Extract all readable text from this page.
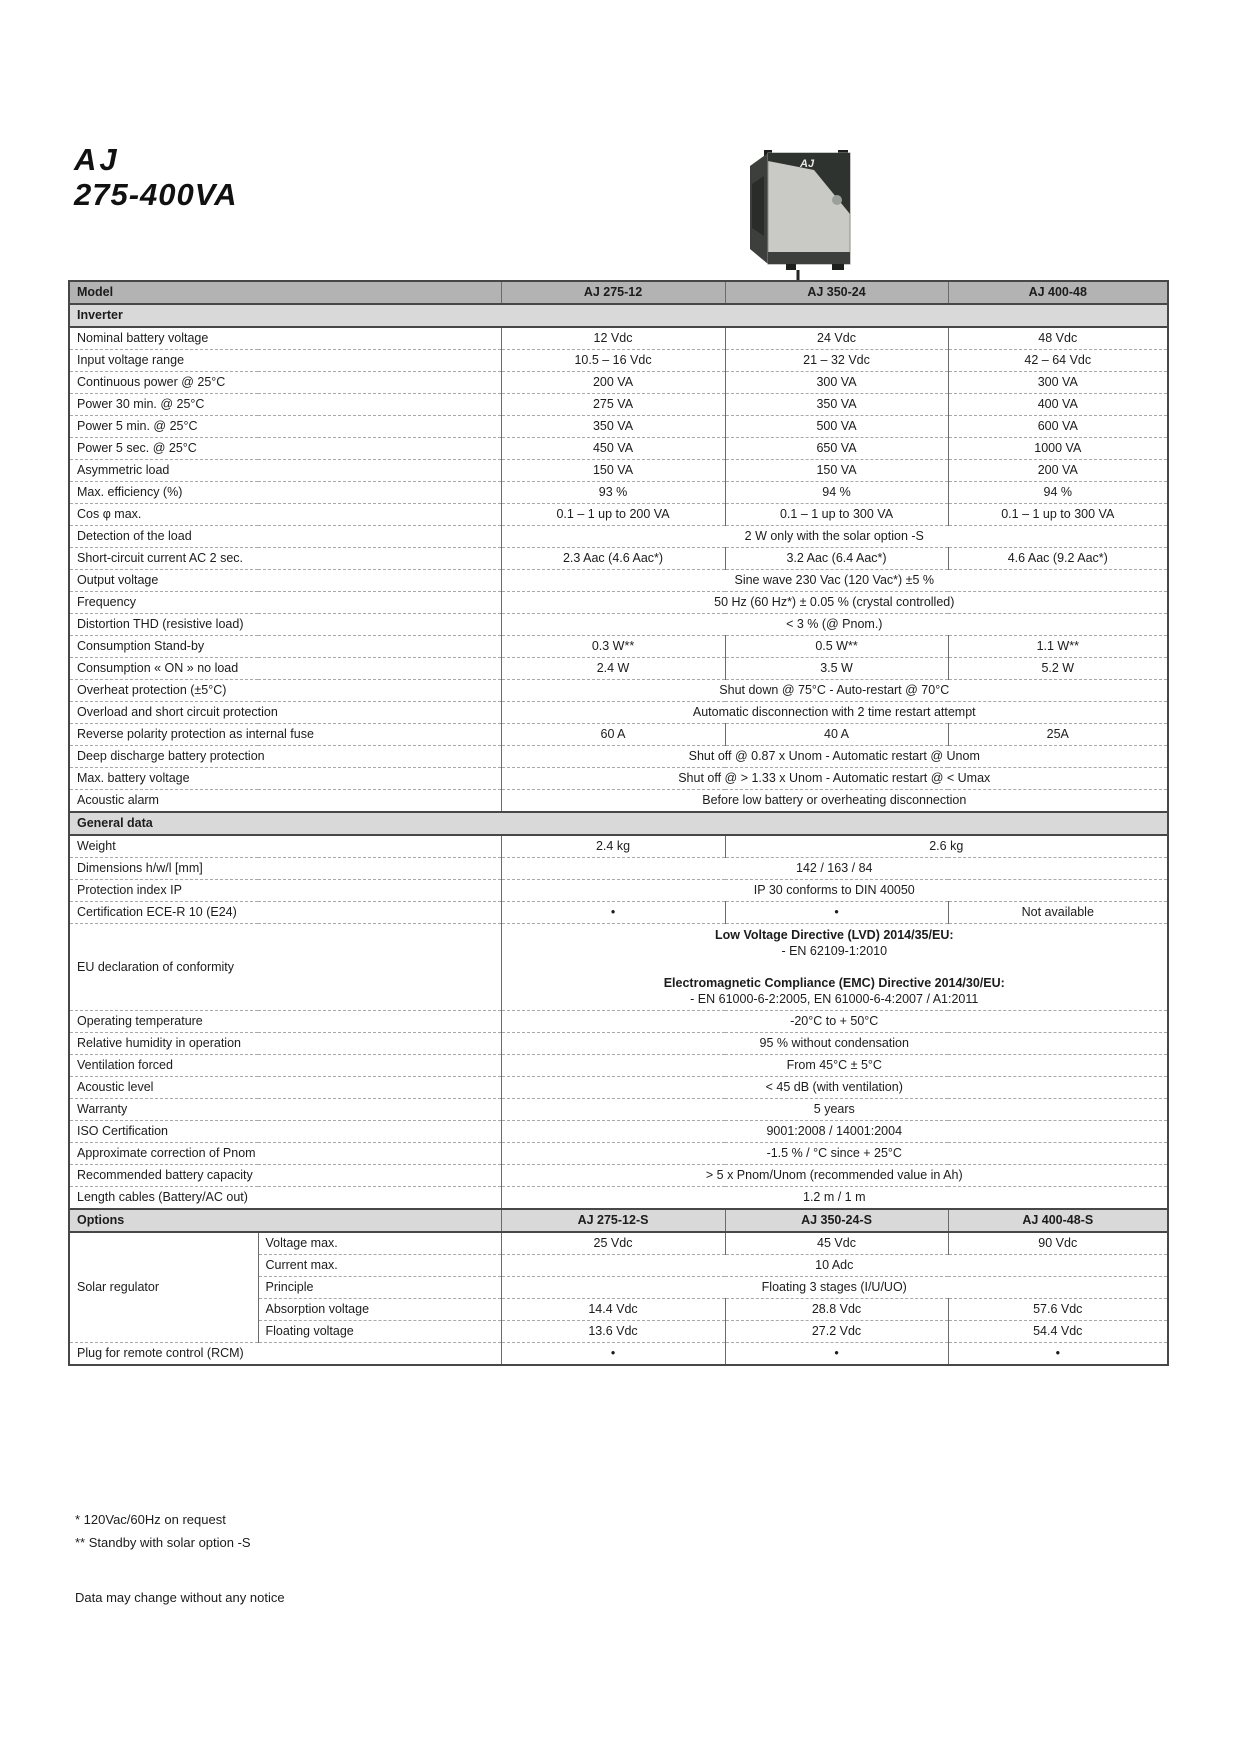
AJ
275-400VA
AJ
Model		AJ 275-12	AJ 350-24	AJ 400-48
Inverter				
Nominal battery voltage		12 Vdc	24 Vdc	48 Vdc
Input voltage range		10.5 – 16 Vdc	21 – 32 Vdc	42 – 64 Vdc
Continuous power @ 25°C		200 VA	300 VA	300 VA
Power 30 min. @ 25°C		275 VA	350 VA	400 VA
Power 5 min. @ 25°C		350 VA	500 VA	600 VA
Power 5 sec. @ 25°C		450 VA	650 VA	1000 VA
Asymmetric load		150 VA	150 VA	200 VA
Max. efficiency (%)		93 %	94 %	94 %
Cos φ max.		0.1 – 1 up to 200 VA	0.1 – 1 up to 300 VA	0.1 – 1 up to 300 VA
Detection of the load		2 W only with the solar option -S		
Short-circuit current AC 2 sec.		2.3 Aac (4.6 Aac*)	3.2 Aac (6.4 Aac*)	4.6 Aac (9.2 Aac*)
Output voltage		Sine wave 230 Vac (120 Vac*) ±5 %		
Frequency		50 Hz (60 Hz*) ± 0.05 % (crystal controlled)		
Distortion THD (resistive load)		< 3 % (@ Pnom.)		
Consumption Stand-by		0.3 W**	0.5 W**	1.1 W**
Consumption « ON » no load		2.4 W	3.5 W	5.2 W
Overheat protection (±5°C)		Shut down @ 75°C - Auto-restart @ 70°C		
Overload and short circuit protection		Automatic disconnection with 2 time restart attempt		
Reverse polarity protection as internal fuse		60 A	40 A	25A
Deep discharge battery protection		Shut off @ 0.87 x Unom - Automatic restart @ Unom		
Max. battery voltage		Shut off @ > 1.33 x Unom - Automatic restart @ < Umax		
Acoustic alarm		Before low battery or overheating disconnection		
General data				
Weight		2.4 kg	2.6 kg	
Dimensions h/w/l [mm]		142 / 163 / 84		
Protection index IP		IP 30 conforms to DIN 40050		
Certification ECE-R 10 (E24)		•	•	Not available
EU declaration of conformity		Low Voltage Directive (LVD) 2014/35/EU:
- EN 62109-1:2010

Electromagnetic Compliance (EMC) Directive 2014/30/EU:
- EN 61000-6-2:2005, EN 61000-6-4:2007 / A1:2011		

Operating temperature		-20°C to + 50°C		
Relative humidity in operation		95 % without condensation		
Ventilation forced		From 45°C ± 5°C		
Acoustic level		< 45 dB (with ventilation)		
Warranty		5 years		
ISO Certification		9001:2008 / 14001:2004		
Approximate correction of Pnom		-1.5 % / °C since + 25°C		
Recommended battery capacity		> 5 x Pnom/Unom (recommended value in Ah)		
Length cables (Battery/AC out)		1.2 m / 1 m		
Options		AJ 275-12-S	AJ 350-24-S	AJ 400-48-S
Solar regulator	Voltage max.	25 Vdc	45 Vdc	90 Vdc
	Current max.	10 Adc		
	Principle	Floating 3 stages (I/U/UO)		
	Absorption voltage	14.4 Vdc	28.8 Vdc	57.6 Vdc
	Floating voltage	13.6 Vdc	27.2 Vdc	54.4 Vdc
Plug for remote control (RCM)		•	•	•
* 120Vac/60Hz on request
** Standby with solar option -S
Data may change without any notice
